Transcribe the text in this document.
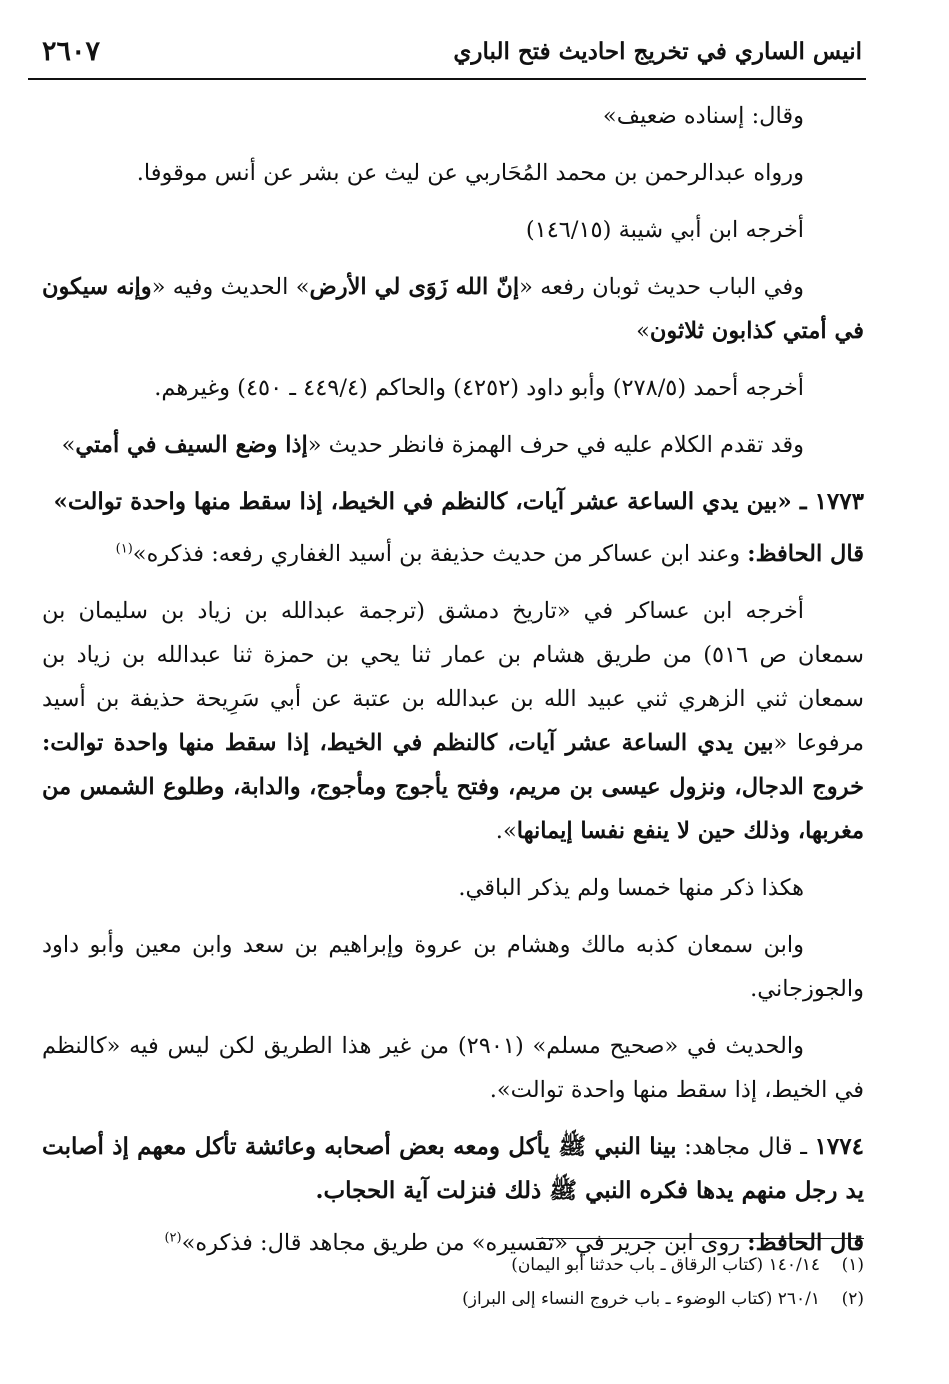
انيس الساري في تخريج احاديث فتح الباري
٢٦٠٧

وقال: إسناده ضعيف»

ورواه عبدالرحمن بن محمد المُحَاربي عن ليث عن بشر عن أنس موقوفا.

أخرجه ابن أبي شيبة (١٤٦/١٥)

وفي الباب حديث ثوبان رفعه «إنّ الله زَوَى لي الأرض» الحديث وفيه «وإنه سيكون في أمتي كذابون ثلاثون»

أخرجه أحمد (٢٧٨/٥) وأبو داود (٤٢٥٢) والحاكم (٤٤٩/٤ ـ ٤٥٠) وغيرهم.

وقد تقدم الكلام عليه في حرف الهمزة فانظر حديث «إذا وضع السيف في أمتي»

١٧٧٣ ـ «بين يدي الساعة عشر آيات، كالنظم في الخيط، إذا سقط منها واحدة توالت»

قال الحافظ: وعند ابن عساكر من حديث حذيفة بن أسيد الغفاري رفعه: فذكره»$^{(١)}$

أخرجه ابن عساكر في «تاريخ دمشق (ترجمة عبدالله بن زياد بن سليمان بن سمعان ص ٥١٦) من طريق هشام بن عمار ثنا يحي بن حمزة ثنا عبدالله بن زياد بن سمعان ثني الزهري ثني عبيد الله بن عبدالله بن عتبة عن أبي سَرِيحة حذيفة بن أسيد مرفوعا «بين يدي الساعة عشر آيات، كالنظم في الخيط، إذا سقط منها واحدة توالت: خروج الدجال، ونزول عيسى بن مريم، وفتح يأجوج ومأجوج، والدابة، وطلوع الشمس من مغربها، وذلك حين لا ينفع نفسا إيمانها».

هكذا ذكر منها خمسا ولم يذكر الباقي.

وابن سمعان كذبه مالك وهشام بن عروة وإبراهيم بن سعد وابن معين وأبو داود والجوزجاني.

والحديث في «صحيح مسلم» (٢٩٠١) من غير هذا الطريق لكن ليس فيه «كالنظم في الخيط، إذا سقط منها واحدة توالت».

١٧٧٤ ـ قال مجاهد: بينا النبي ﷺ يأكل ومعه بعض أصحابه وعائشة تأكل معهم إذ أصابت يد رجل منهم يدها فكره النبي ﷺ ذلك فنزلت آية الحجاب.

قال الحافظ: روى ابن جرير في «تفسيره» من طريق مجاهد قال: فذكره»$^{(٢)}$

(١)١٤٠/١٤ (كتاب الرقاق ـ باب حدثنا أبو اليمان)
(٢)٢٦٠/١ (كتاب الوضوء ـ باب خروج النساء إلى البراز)
